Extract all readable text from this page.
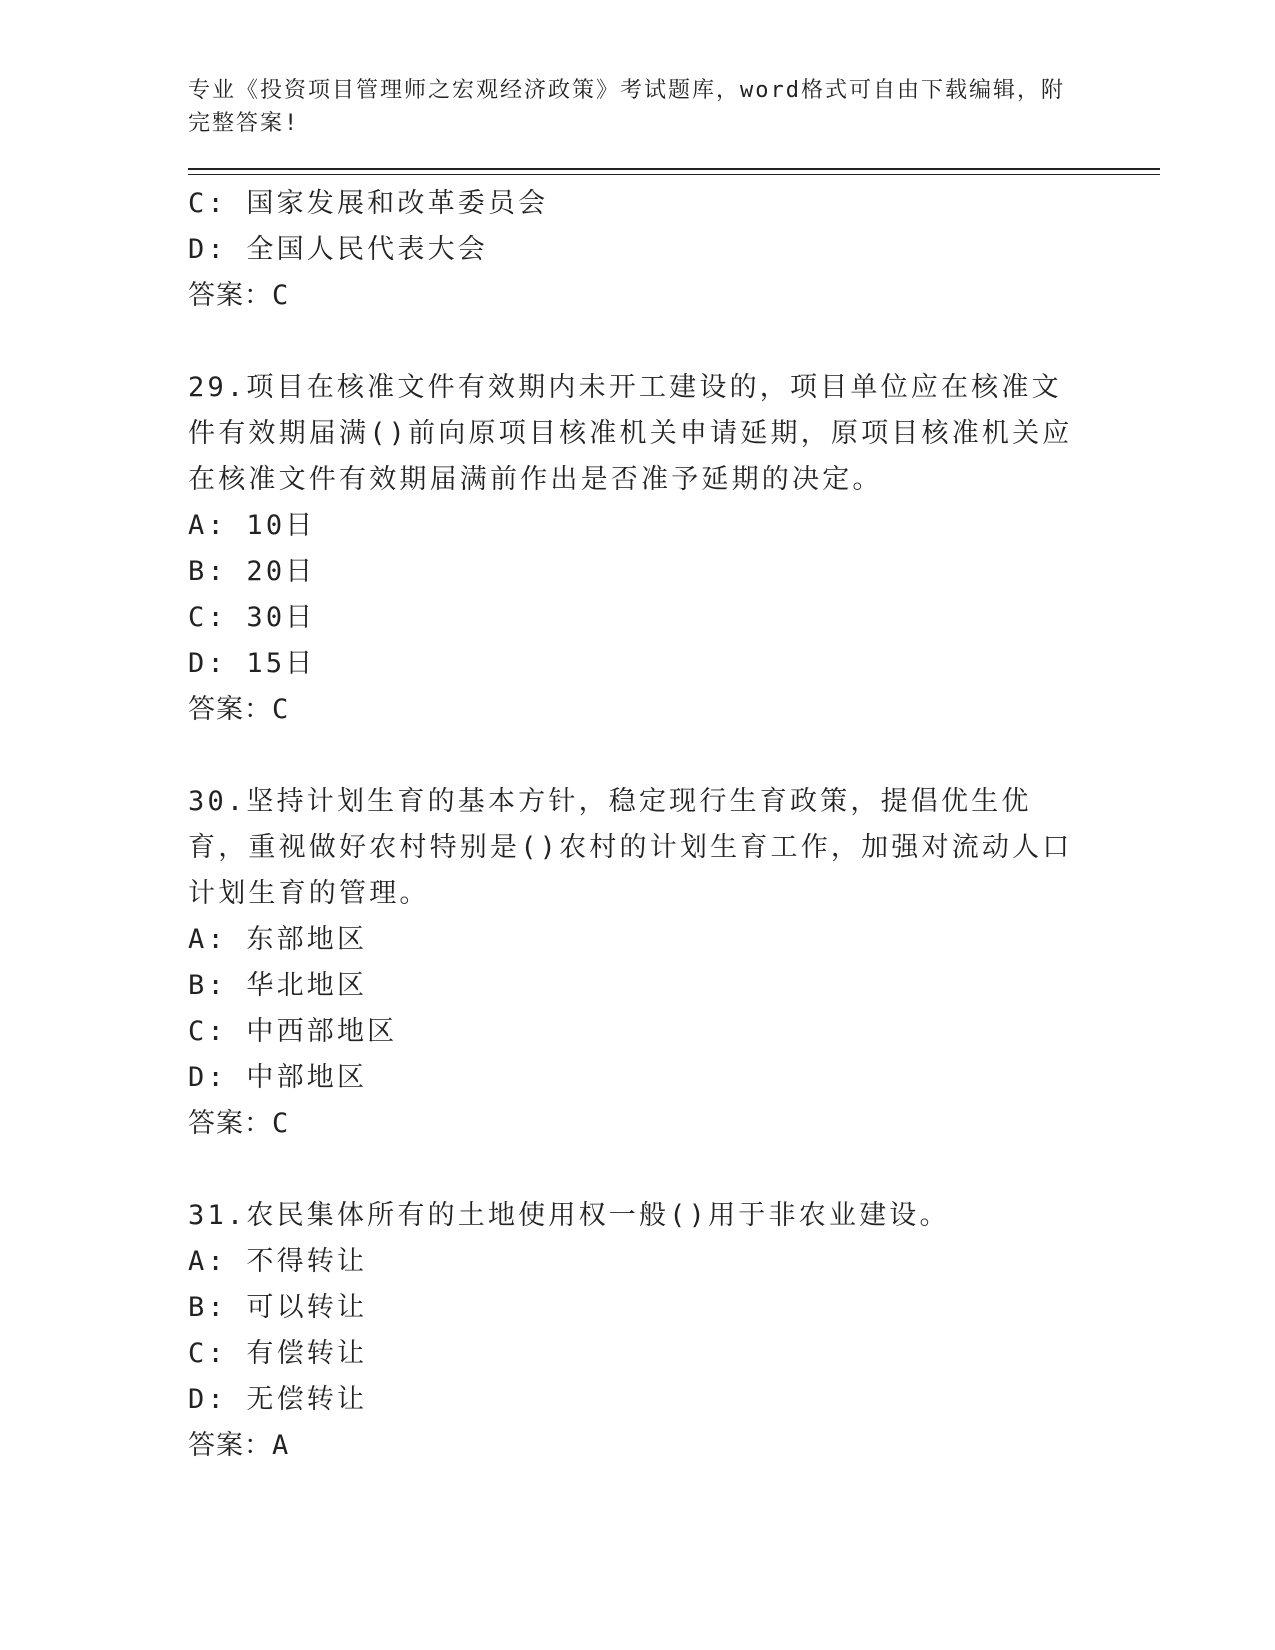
专业《投资项目管理师之宏观经济政策》考试题库，word格式可自由下载编辑，附完整答案!

C: 国家发展和改革委员会
D: 全国人民代表大会
答案：C
29.项目在核准文件有效期内未开工建设的，项目单位应在核准文件有效期届满()前向原项目核准机关申请延期，原项目核准机关应在核准文件有效期届满前作出是否准予延期的决定。
A: 10日
B: 20日
C: 30日
D: 15日
答案：C
30.坚持计划生育的基本方针，稳定现行生育政策，提倡优生优育，重视做好农村特别是()农村的计划生育工作，加强对流动人口计划生育的管理。
A: 东部地区
B: 华北地区
C: 中西部地区
D: 中部地区
答案：C
31.农民集体所有的土地使用权一般()用于非农业建设。
A: 不得转让
B: 可以转让
C: 有偿转让
D: 无偿转让
答案：A
